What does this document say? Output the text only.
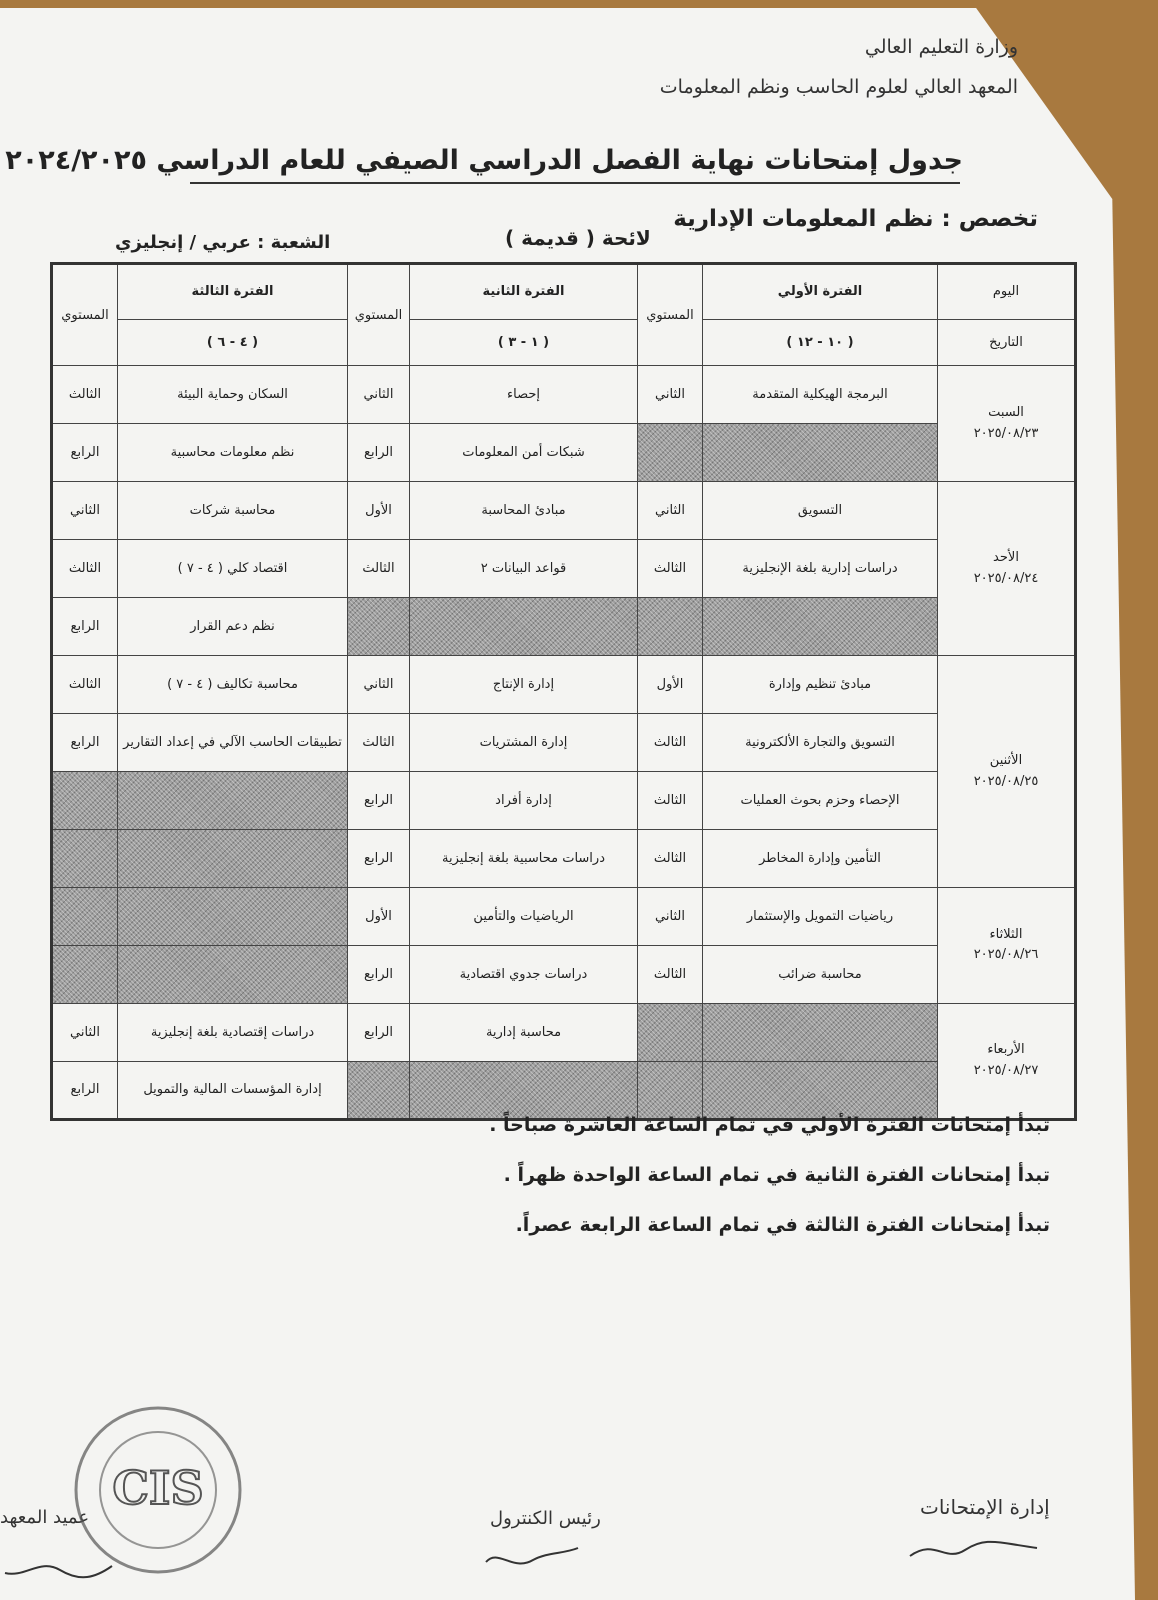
وزارة التعليم العالي
المعهد العالي لعلوم الحاسب ونظم المعلومات
جدول إمتحانات نهاية الفصل الدراسي الصيفي للعام الدراسي ٢٠٢٤/٢٠٢٥
تخصص : نظم المعلومات الإدارية
لائحة ( قديمة )
الشعبة : عربي / إنجليزي
اليوم	الفترة الأولي	المستوي	الفترة الثانية	المستوي	الفترة الثالثة	المستوي
التاريخ	( ١٠ - ١٢ )		( ١ - ٣ )		( ٤ - ٦ )	

السبت
٢٠٢٥/٠٨/٢٣	البرمجة الهيكلية المتقدمة	الثاني	إحصاء	الثاني	السكان وحماية البيئة	الثالث
			شبكات أمن المعلومات	الرابع	نظم معلومات محاسبية	الرابع

الأحد
٢٠٢٥/٠٨/٢٤	التسويق	الثاني	مبادئ المحاسبة	الأول	محاسبة شركات	الثاني
	دراسات إدارية بلغة الإنجليزية	الثالث	قواعد البيانات ٢	الثالث	اقتصاد كلي ( ٤ - ٧ )	الثالث
					نظم دعم القرار	الرابع

الأثنين
٢٠٢٥/٠٨/٢٥	مبادئ تنظيم وإدارة	الأول	إدارة الإنتاج	الثاني	محاسبة تكاليف ( ٤ - ٧ )	الثالث
	التسويق والتجارة الألكترونية	الثالث	إدارة المشتريات	الثالث	تطبيقات الحاسب الآلي في إعداد التقارير	الرابع
	الإحصاء وحزم بحوث العمليات	الثالث	إدارة أفراد	الرابع		
	التأمين وإدارة المخاطر	الثالث	دراسات محاسبية بلغة إنجليزية	الرابع		

الثلاثاء
٢٠٢٥/٠٨/٢٦	رياضيات التمويل والإستثمار	الثاني	الرياضيات والتأمين	الأول		
	محاسبة ضرائب	الثالث	دراسات جدوي اقتصادية	الرابع		

الأربعاء
٢٠٢٥/٠٨/٢٧			محاسبة إدارية	الرابع	دراسات إقتصادية بلغة إنجليزية	الثاني
					إدارة المؤسسات المالية والتمويل	الرابع
تبدأ إمتحانات الفترة الأولي في تمام الساعة العاشرة صباحاً .
تبدأ إمتحانات الفترة الثانية في تمام الساعة الواحدة ظهراً .
تبدأ إمتحانات الفترة الثالثة في تمام الساعة الرابعة عصراً.
إدارة الإمتحانات
رئيس الكنترول
عميد المعهد
CIS
